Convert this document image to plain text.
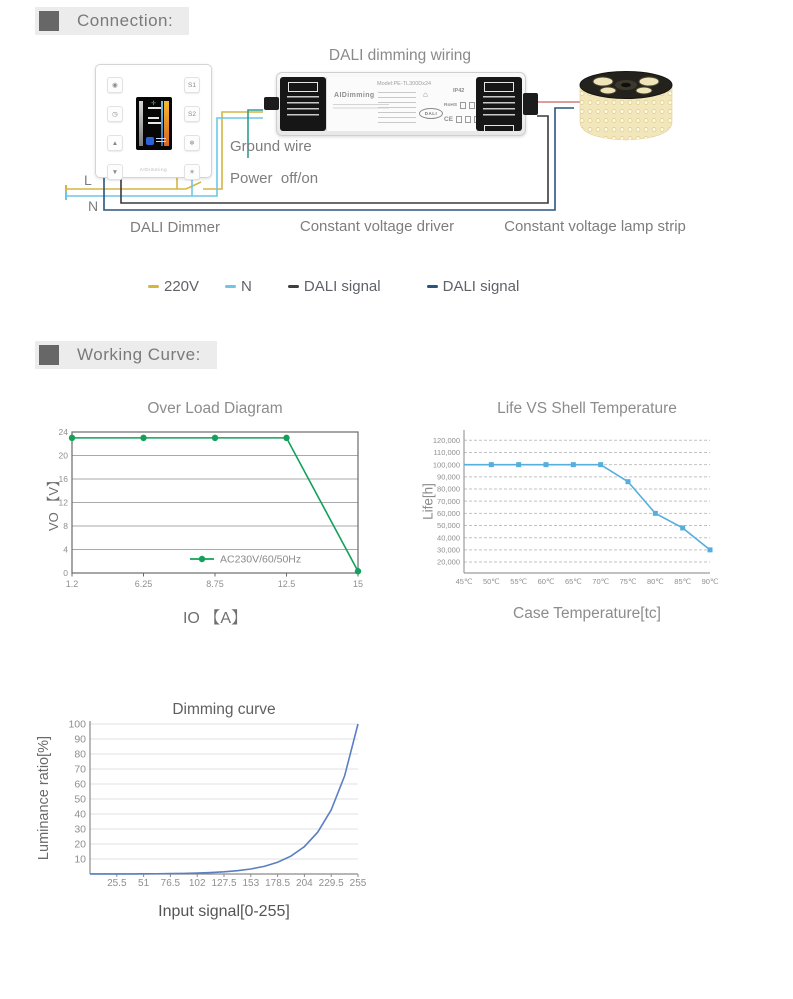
Connection:
DALI dimming wiring
◉
◷
▲
▼
✛
S1
S2
❄
☀
AIDimming
AIDimming
Model:PE-TL300Dx24
⌂
DALI
IP42
RoHS
CE
Ground wire
Power  off/on
L
N
DALI Dimmer	Constant voltage driver	Constant voltage lamp strip
220V	N	DALI signal	DALI signal
Working Curve:
Over Load Diagram
IO 【A】
VO 【V】
0
4
8
12
16
20
24
1.2	6.25	8.75	12.5	15
AC230V/60/50Hz
Life VS Shell Temperature
Case Temperature[tc]
Life[h]
20,000
30,000
40,000
50,000
60,000
70,000
80,000
90,000
100,000
110,000
120,000
45℃ 50℃ 55℃ 60℃ 65℃ 70℃ 75℃ 80℃ 85℃ 90℃
Dimming curve
Input signal[0-255]
Luminance ratio[%] 10
20
30
40
50
60
70
80
90
100
25.5 51 76.5 102 127.5 153 178.5 204 229.5 255
